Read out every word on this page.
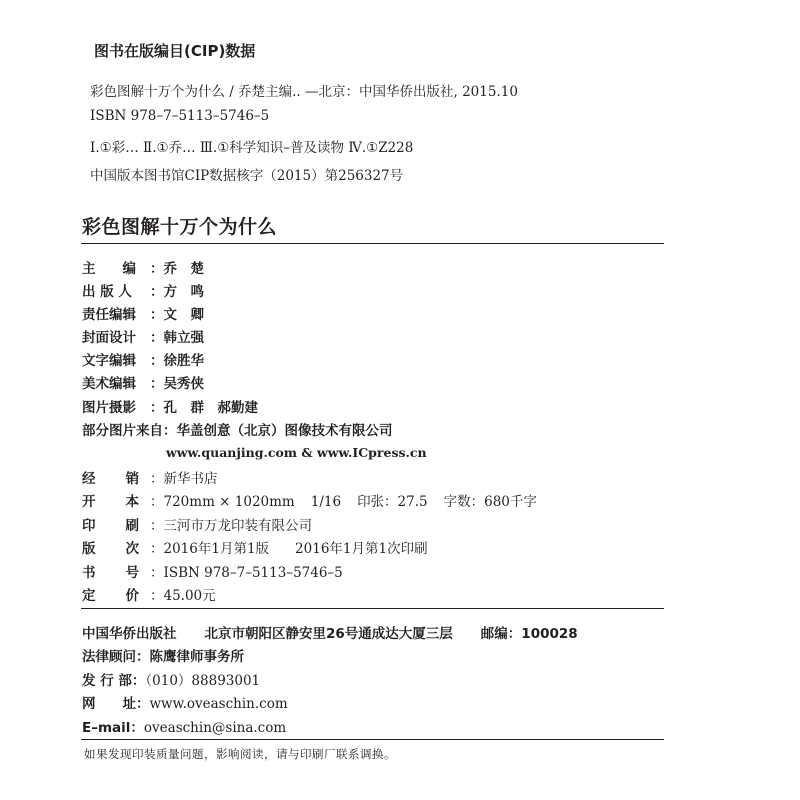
图书在版编目(CIP)数据
彩色图解十万个为什么 / 乔楚主编.. —北京：中国华侨出版社, 2015.10
ISBN 978–7–5113–5746–5
Ⅰ.①彩… Ⅱ.①乔… Ⅲ.①科学知识–普及读物 Ⅳ.①Z228
中国版本图书馆CIP数据核字（2015）第256327号
彩色图解十万个为什么
主　　编 ：乔　楚
出 版 人 ：方　鸣
责任编辑 ：文　卿
封面设计 ：韩立强
文字编辑 ：徐胜华
美术编辑 ：吴秀侠
图片摄影 ：孔　群　郝勤建
部分图片来自：华盖创意（北京）图像技术有限公司
www.quanjing.com & www.ICpress.cn
经　　销 ：新华书店
开　　本 ：720mm × 1020mm 1/16 印张：27.5 字数：680千字
印　　刷 ：三河市万龙印装有限公司
版　　次 ：2016年1月第1版 2016年1月第1次印刷
书　　号 ：ISBN 978–7–5113–5746–5
定　　价 ：45.00元
中国华侨出版社 北京市朝阳区静安里26号通成达大厦三层 邮编：100028
法律顾问：陈鹰律师事务所
发 行 部：（010）88893001
网　　址：www.oveaschin.com
E–mail：oveaschin@sina.com
如果发现印装质量问题，影响阅读，请与印刷厂联系调换。
